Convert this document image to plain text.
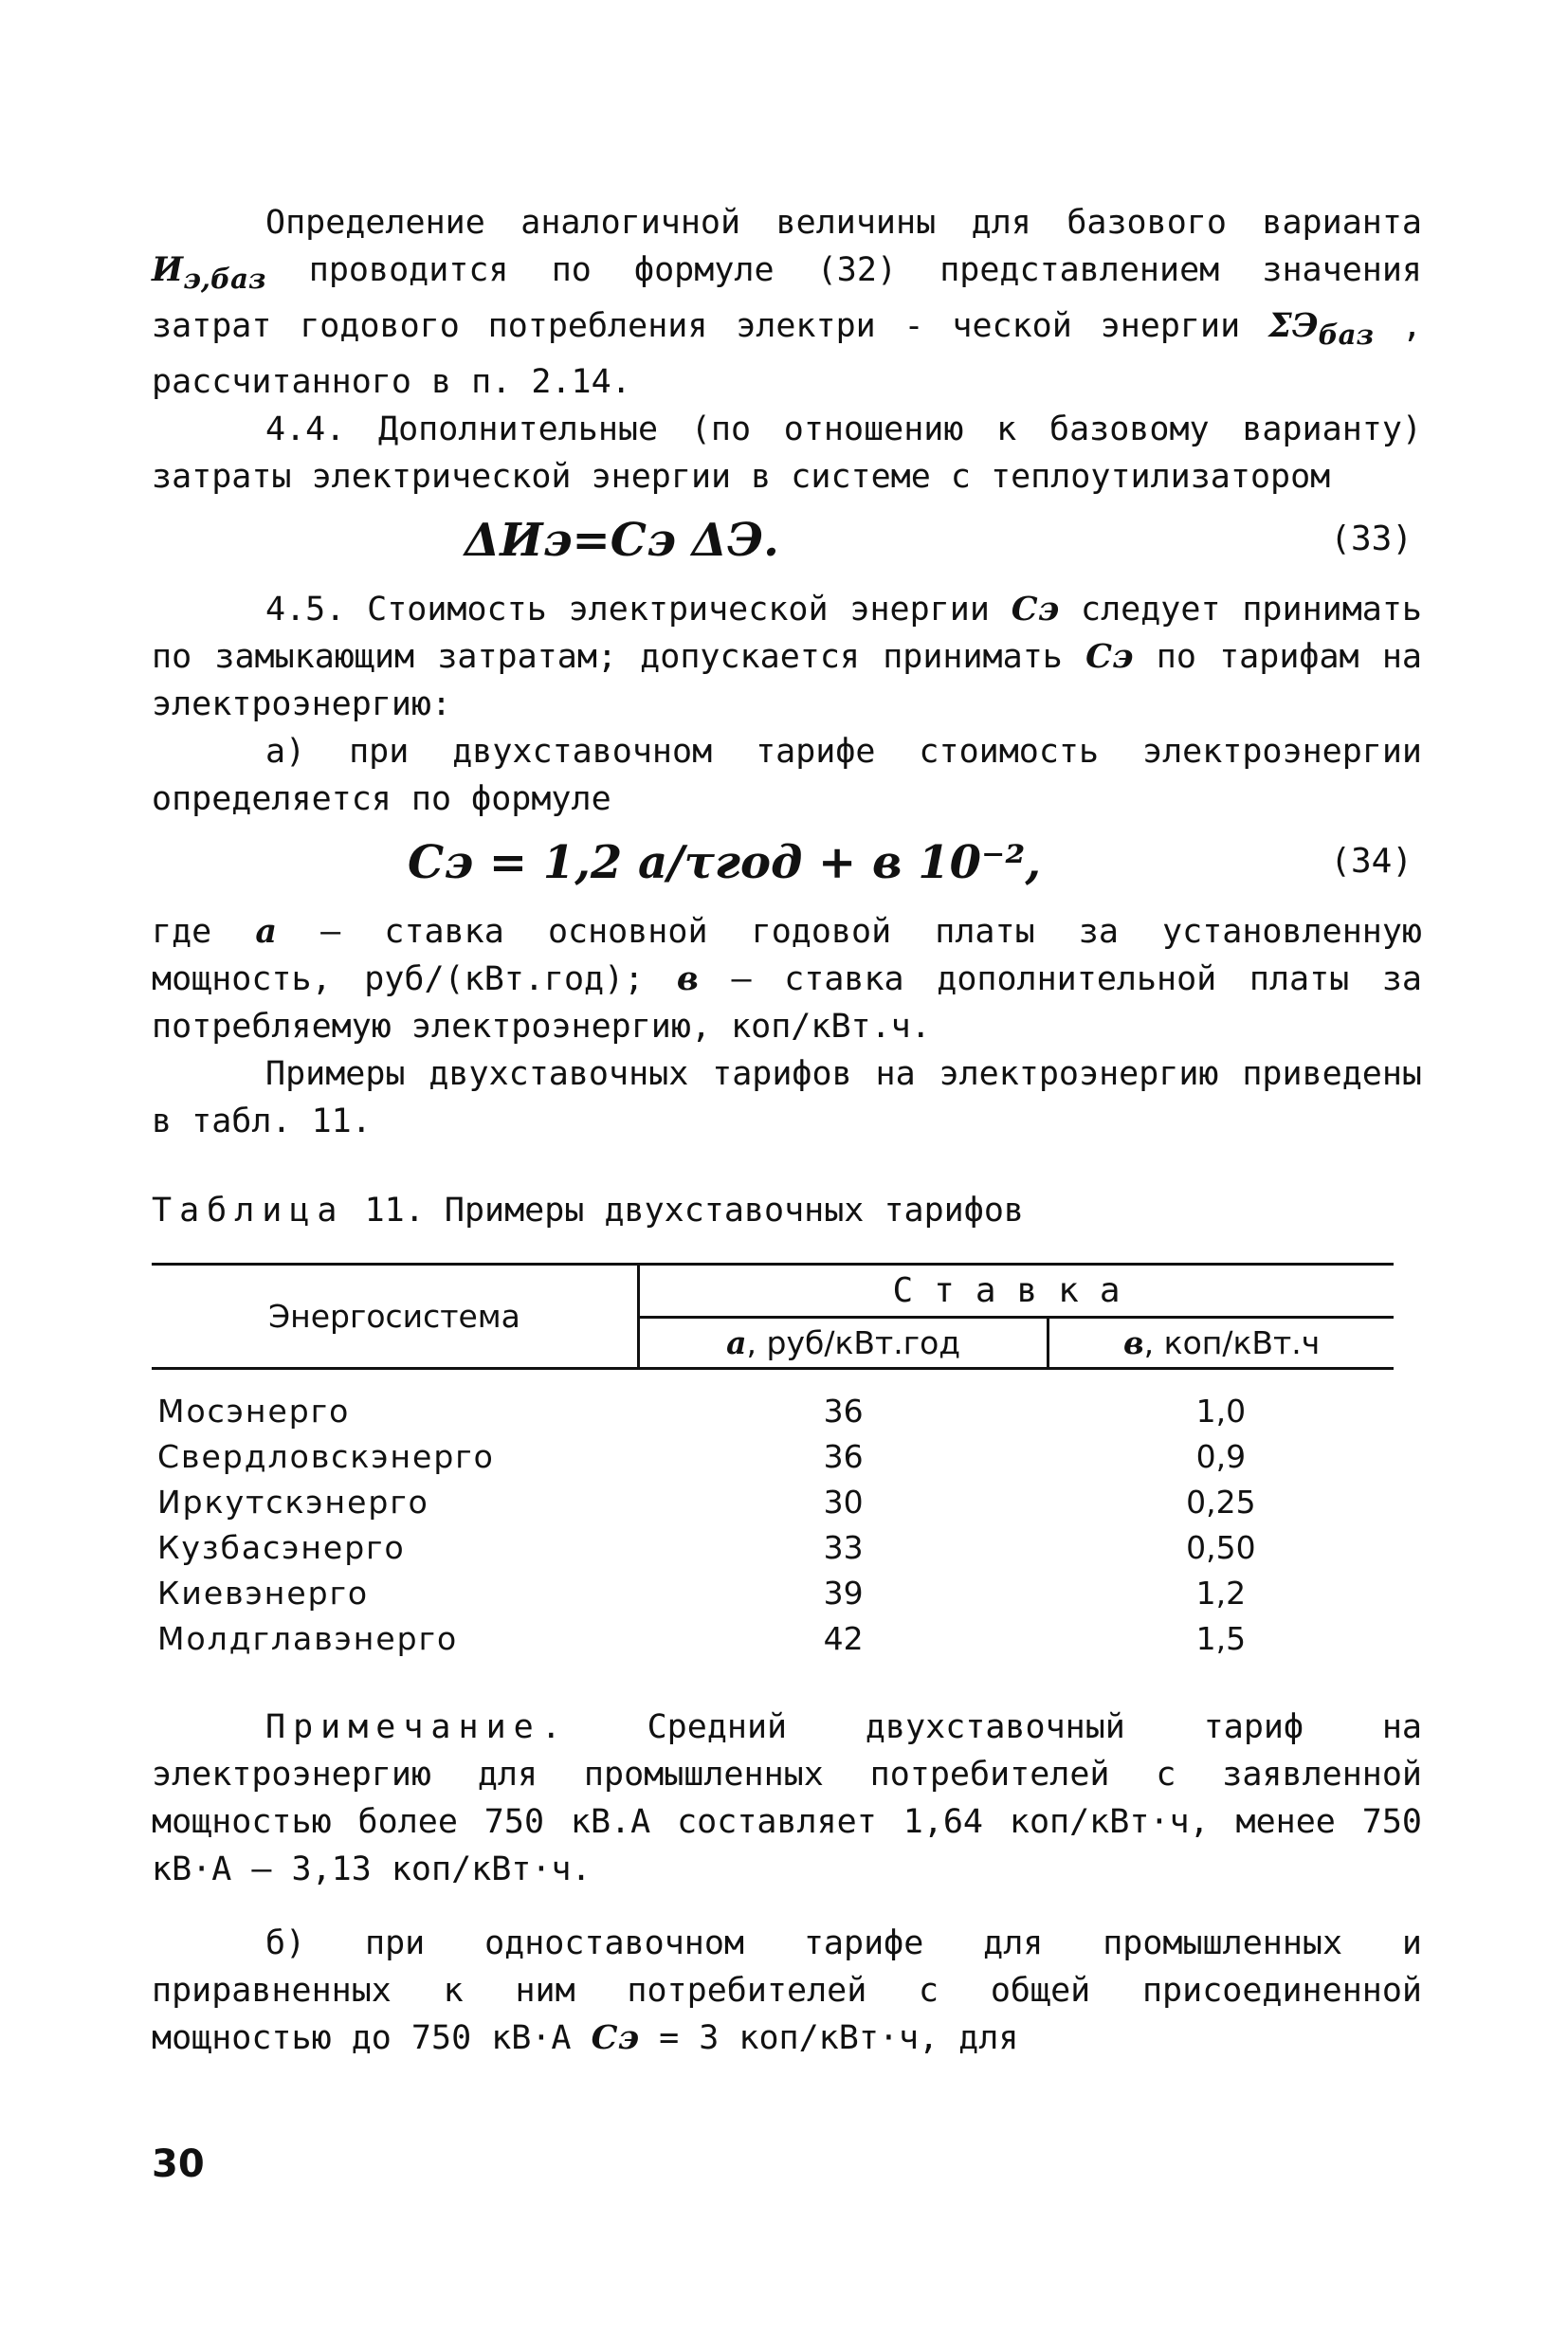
Определение аналогичной величины для базового варианта $И_{э,баз}$ проводится по формуле (32) представлением значения затрат годового потребления электри - ческой энергии $\Sigma Э_{баз}$ , рассчитанного в п. 2.14.

4.4. Дополнительные (по отношению к базовому варианту) затраты электрической энергии в системе с теплоутилизатором

ΔИэ=Сэ ΔЭ.	(33)

4.5. Стоимость электрической энергии Сэ следует принимать по замыкающим затратам; допускается принимать Сэ по тарифам на электроэнергию:

а) при двухставочном тарифе стоимость электроэнергии определяется по формуле

Сэ = 1,2 a/τгод + в 10⁻²,	(34)

где a – ставка основной годовой платы за установленную мощность, руб/(кВт.год); в – ставка дополнительной платы за потребляемую электроэнергию, коп/кВт.ч.

Примеры двухставочных тарифов на электроэнергию приведены в табл. 11.

Таблица 11. Примеры двухставочных тарифов
Энергосистема	Ставка	
	a, руб/кВт.год	в, коп/кВт.ч

Мосэнерго	36	1,0
Свердловскэнерго	36	0,9
Иркутскэнерго	30	0,25
Кузбасэнерго	33	0,50
Киевэнерго	39	1,2
Молдглавэнерго	42	1,5

Примечание. Средний двухставочный тариф на электроэнергию для промышленных потребителей с заявленной мощностью более 750 кВ.А составляет 1,64 коп/кВт·ч, менее 750 кВ·А – 3,13 коп/кВт·ч.

б) при одноставочном тарифе для промышленных и приравненных к ним потребителей с общей присоединенной мощностью до 750 кВ·А Сэ = 3 коп/кВт·ч, для

30
